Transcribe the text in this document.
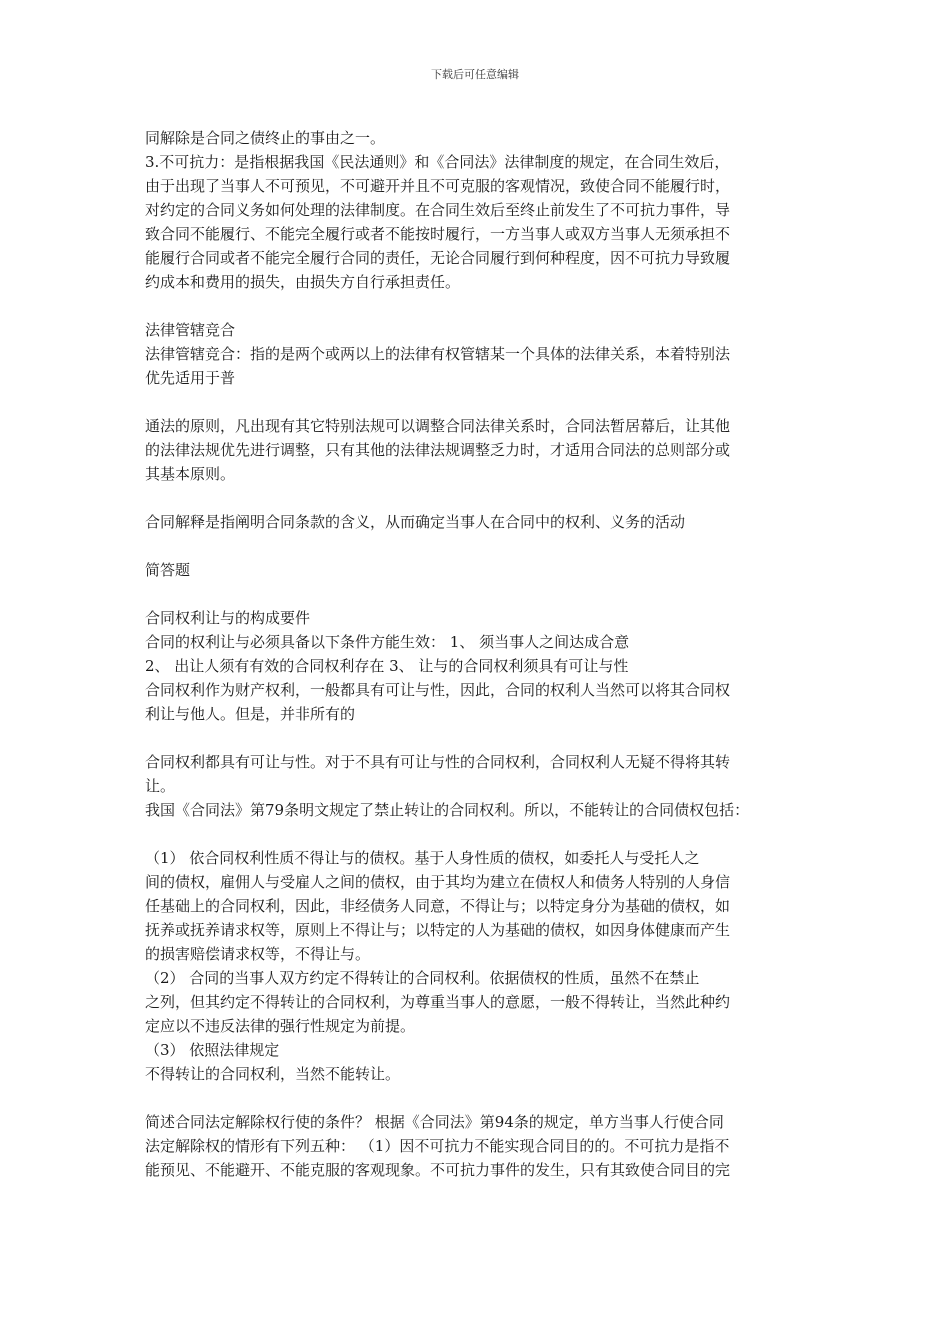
下载后可任意编辑
同解除是合同之债终止的事由之一。
3.不可抗力：是指根据我国《民法通则》和《合同法》法律制度的规定，在合同生效后，
由于出现了当事人不可预见，不可避开并且不可克服的客观情况，致使合同不能履行时，
对约定的合同义务如何处理的法律制度。在合同生效后至终止前发生了不可抗力事件，导
致合同不能履行、不能完全履行或者不能按时履行，一方当事人或双方当事人无须承担不
能履行合同或者不能完全履行合同的责任，无论合同履行到何种程度，因不可抗力导致履
约成本和费用的损失，由损失方自行承担责任。
法律管辖竞合
法律管辖竞合：指的是两个或两以上的法律有权管辖某一个具体的法律关系，本着特别法
优先适用于普
通法的原则，凡出现有其它特别法规可以调整合同法律关系时，合同法暂居幕后，让其他
的法律法规优先进行调整，只有其他的法律法规调整乏力时，才适用合同法的总则部分或
其基本原则。
合同解释是指阐明合同条款的含义，从而确定当事人在合同中的权利、义务的活动
简答题
合同权利让与的构成要件
合同的权利让与必须具备以下条件方能生效： 1、 须当事人之间达成合意
2、 出让人须有有效的合同权利存在 3、 让与的合同权利须具有可让与性
合同权利作为财产权利，一般都具有可让与性，因此，合同的权利人当然可以将其合同权
利让与他人。但是，并非所有的
合同权利都具有可让与性。对于不具有可让与性的合同权利，合同权利人无疑不得将其转
让。
我国《合同法》第79条明文规定了禁止转让的合同权利。所以，不能转让的合同债权包括：
（1） 依合同权利性质不得让与的债权。基于人身性质的债权，如委托人与受托人之
间的债权，雇佣人与受雇人之间的债权，由于其均为建立在债权人和债务人特别的人身信
任基础上的合同权利，因此，非经债务人同意，不得让与；以特定身分为基础的债权，如
抚养或抚养请求权等，原则上不得让与；以特定的人为基础的债权，如因身体健康而产生
的损害赔偿请求权等，不得让与。
（2） 合同的当事人双方约定不得转让的合同权利。依据债权的性质，虽然不在禁止
之列，但其约定不得转让的合同权利，为尊重当事人的意愿，一般不得转让，当然此种约
定应以不违反法律的强行性规定为前提。
（3） 依照法律规定
不得转让的合同权利，当然不能转让。
简述合同法定解除权行使的条件？ 根据《合同法》第94条的规定，单方当事人行使合同
法定解除权的情形有下列五种： （1）因不可抗力不能实现合同目的的。不可抗力是指不
能预见、不能避开、不能克服的客观现象。不可抗力事件的发生，只有其致使合同目的完
